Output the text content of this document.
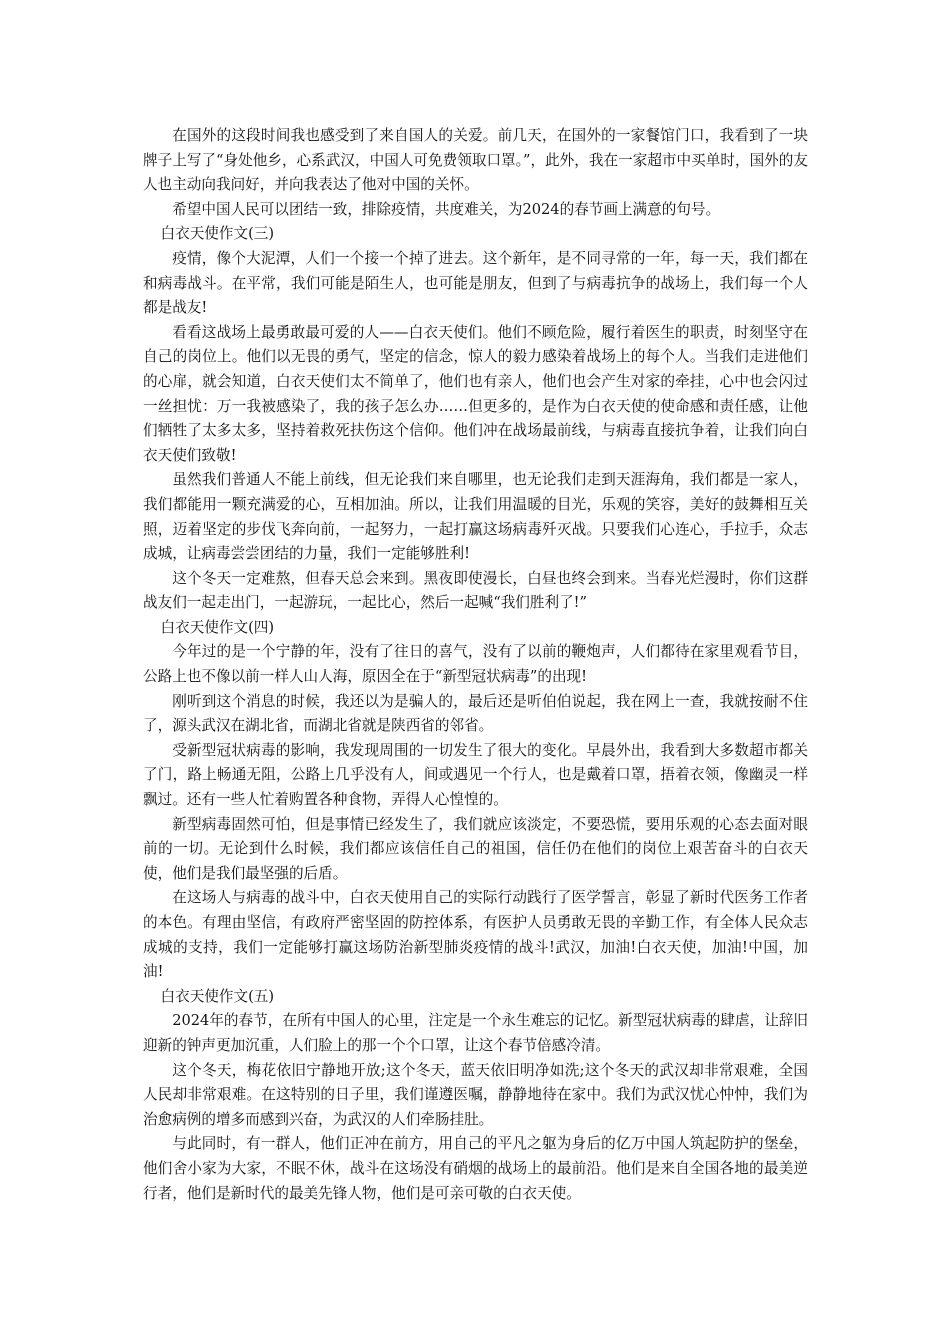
在国外的这段时间我也感受到了来自国人的关爱。前几天，在国外的一家餐馆门口，我看到了一块牌子上写了“身处他乡，心系武汉，中国人可免费领取口罩。”，此外，我在一家超市中买单时，国外的友人也主动向我问好，并向我表达了他对中国的关怀。

希望中国人民可以团结一致，排除疫情，共度难关，为2024的春节画上满意的句号。

白衣天使作文(三)

疫情，像个大泥潭，人们一个接一个掉了进去。这个新年，是不同寻常的一年，每一天，我们都在和病毒战斗。在平常，我们可能是陌生人，也可能是朋友，但到了与病毒抗争的战场上，我们每一个人都是战友!

看看这战场上最勇敢最可爱的人——白衣天使们。他们不顾危险，履行着医生的职责，时刻坚守在自己的岗位上。他们以无畏的勇气，坚定的信念，惊人的毅力感染着战场上的每个人。当我们走进他们的心扉，就会知道，白衣天使们太不简单了，他们也有亲人，他们也会产生对家的牵挂，心中也会闪过一丝担忧：万一我被感染了，我的孩子怎么办……但更多的，是作为白衣天使的使命感和责任感，让他们牺牲了太多太多，坚持着救死扶伤这个信仰。他们冲在战场最前线，与病毒直接抗争着，让我们向白衣天使们致敬!

虽然我们普通人不能上前线，但无论我们来自哪里，也无论我们走到天涯海角，我们都是一家人，我们都能用一颗充满爱的心，互相加油。所以，让我们用温暖的目光，乐观的笑容，美好的鼓舞相互关照，迈着坚定的步伐飞奔向前，一起努力，一起打赢这场病毒歼灭战。只要我们心连心，手拉手，众志成城，让病毒尝尝团结的力量，我们一定能够胜利!

这个冬天一定难熬，但春天总会来到。黑夜即使漫长，白昼也终会到来。当春光烂漫时，你们这群战友们一起走出门，一起游玩，一起比心，然后一起喊“我们胜利了!”

白衣天使作文(四)

今年过的是一个宁静的年，没有了往日的喜气，没有了以前的鞭炮声，人们都待在家里观看节目，公路上也不像以前一样人山人海，原因全在于“新型冠状病毒”的出现!

刚听到这个消息的时候，我还以为是骗人的，最后还是听伯伯说起，我在网上一查，我就按耐不住了，源头武汉在湖北省，而湖北省就是陕西省的邻省。

受新型冠状病毒的影响，我发现周围的一切发生了很大的变化。早晨外出，我看到大多数超市都关了门，路上畅通无阻，公路上几乎没有人，间或遇见一个行人，也是戴着口罩，捂着衣领，像幽灵一样飘过。还有一些人忙着购置各种食物，弄得人心惶惶的。

新型病毒固然可怕，但是事情已经发生了，我们就应该淡定，不要恐慌，要用乐观的心态去面对眼前的一切。无论到什么时候，我们都应该信任自己的祖国，信任仍在他们的岗位上艰苦奋斗的白衣天使，他们是我们最坚强的后盾。

在这场人与病毒的战斗中，白衣天使用自己的实际行动践行了医学誓言，彰显了新时代医务工作者的本色。有理由坚信，有政府严密坚固的防控体系，有医护人员勇敢无畏的辛勤工作，有全体人民众志成城的支持，我们一定能够打赢这场防治新型肺炎疫情的战斗!武汉，加油!白衣天使，加油!中国，加油!

白衣天使作文(五)

2024年的春节，在所有中国人的心里，注定是一个永生难忘的记忆。新型冠状病毒的肆虐，让辞旧迎新的钟声更加沉重，人们脸上的那一个个口罩，让这个春节倍感冷清。

这个冬天，梅花依旧宁静地开放;这个冬天，蓝天依旧明净如洗;这个冬天的武汉却非常艰难，全国人民却非常艰难。在这特别的日子里，我们谨遵医嘱，静静地待在家中。我们为武汉忧心忡忡，我们为治愈病例的增多而感到兴奋，为武汉的人们牵肠挂肚。

与此同时，有一群人，他们正冲在前方，用自己的平凡之躯为身后的亿万中国人筑起防护的堡垒，他们舍小家为大家，不眠不休，战斗在这场没有硝烟的战场上的最前沿。他们是来自全国各地的最美逆行者，他们是新时代的最美先锋人物，他们是可亲可敬的白衣天使。
